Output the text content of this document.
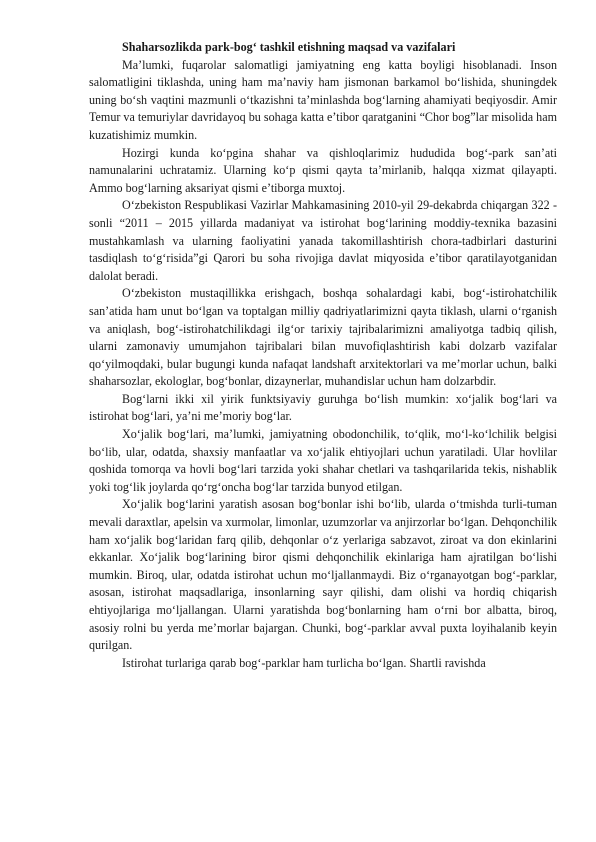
Shaharsozlikda park-bog‘ tashkil etishning maqsad va vazifalari

Ma’lumki, fuqarolar salomatligi jamiyatning eng katta boyligi hisoblanadi. Inson salomatligini tiklashda, uning ham ma’naviy ham jismonan barkamol bo‘lishida, shuningdek uning bo‘sh vaqtini mazmunli o‘tkazishni ta’minlashda bog‘larning ahamiyati beqiyosdir. Amir Temur va temuriylar davridayoq bu sohaga katta e’tibor qaratganini “Chor bog”lar misolida ham kuzatishimiz mumkin.

Hozirgi kunda ko‘pgina shahar va qishloqlarimiz hududida bog‘-park san’ati namunalarini uchratamiz. Ularning ko‘p qismi qayta ta’mirlanib, halqqa xizmat qilayapti. Ammo bog‘larning aksariyat qismi e’tiborga muxtoj.

O‘zbekiston Respublikasi Vazirlar Mahkamasining 2010-yil 29-dekabrda chiqargan 322 - sonli “2011 – 2015 yillarda madaniyat va istirohat bog‘larining moddiy-texnika bazasini mustahkamlash va ularning faoliyatini yanada takomillashtirish chora-tadbirlari dasturini tasdiqlash to‘g‘risida”gi Qarori bu soha rivojiga davlat miqyosida e’tibor qaratilayotganidan dalolat beradi.

O‘zbekiston mustaqillikka erishgach, boshqa sohalardagi kabi, bog‘-istirohatchilik san’atida ham unut bo‘lgan va toptalgan milliy qadriyatlarimizni qayta tiklash, ularni o‘rganish va aniqlash, bog‘-istirohatchilikdagi ilg‘or tarixiy tajribalarimizni amaliyotga tadbiq qilish, ularni zamonaviy umumjahon tajribalari bilan muvofiqlashtirish kabi dolzarb vazifalar qo‘yilmoqdaki, bular bugungi kunda nafaqat landshaft arxitektorlari va me’morlar uchun, balki shaharsozlar, ekologlar, bog‘bonlar, dizaynerlar, muhandislar uchun ham dolzarbdir.

Bog‘larni ikki xil yirik funktsiyaviy guruhga bo‘lish mumkin: xo‘jalik bog‘lari va istirohat bog‘lari, ya’ni me’moriy bog‘lar.

Xo‘jalik bog‘lari, ma’lumki, jamiyatning obodonchilik, to‘qlik, mo‘l-ko‘lchilik belgisi bo‘lib, ular, odatda, shaxsiy manfaatlar va xo‘jalik ehtiyojlari uchun yaratiladi. Ular hovlilar qoshida tomorqa va hovli bog‘lari tarzida yoki shahar chetlari va tashqarilarida tekis, nishablik yoki tog‘lik joylarda qo‘rg‘oncha bog‘lar tarzida bunyod etilgan.

Xo‘jalik bog‘larini yaratish asosan bog‘bonlar ishi bo‘lib, ularda o‘tmishda turli-tuman mevali daraxtlar, apelsin va xurmolar, limonlar, uzumzorlar va anjirzorlar bo‘lgan. Dehqonchilik ham xo‘jalik bog‘laridan farq qilib, dehqonlar o‘z yerlariga sabzavot, ziroat va don ekinlarini ekkanlar. Xo‘jalik bog‘larining biror qismi dehqonchilik ekinlariga ham ajratilgan bo‘lishi mumkin. Biroq, ular, odatda istirohat uchun mo‘ljallanmaydi. Biz o‘rganayotgan bog‘-parklar, asosan, istirohat maqsadlariga, insonlarning sayr qilishi, dam olishi va hordiq chiqarish ehtiyojlariga mo‘ljallangan. Ularni yaratishda bog‘bonlarning ham o‘rni bor albatta, biroq, asosiy rolni bu yerda me’morlar bajargan. Chunki, bog‘-parklar avval puxta loyihalanib keyin qurilgan.

Istirohat turlariga qarab bog‘-parklar ham turlicha bo‘lgan. Shartli ravishda
